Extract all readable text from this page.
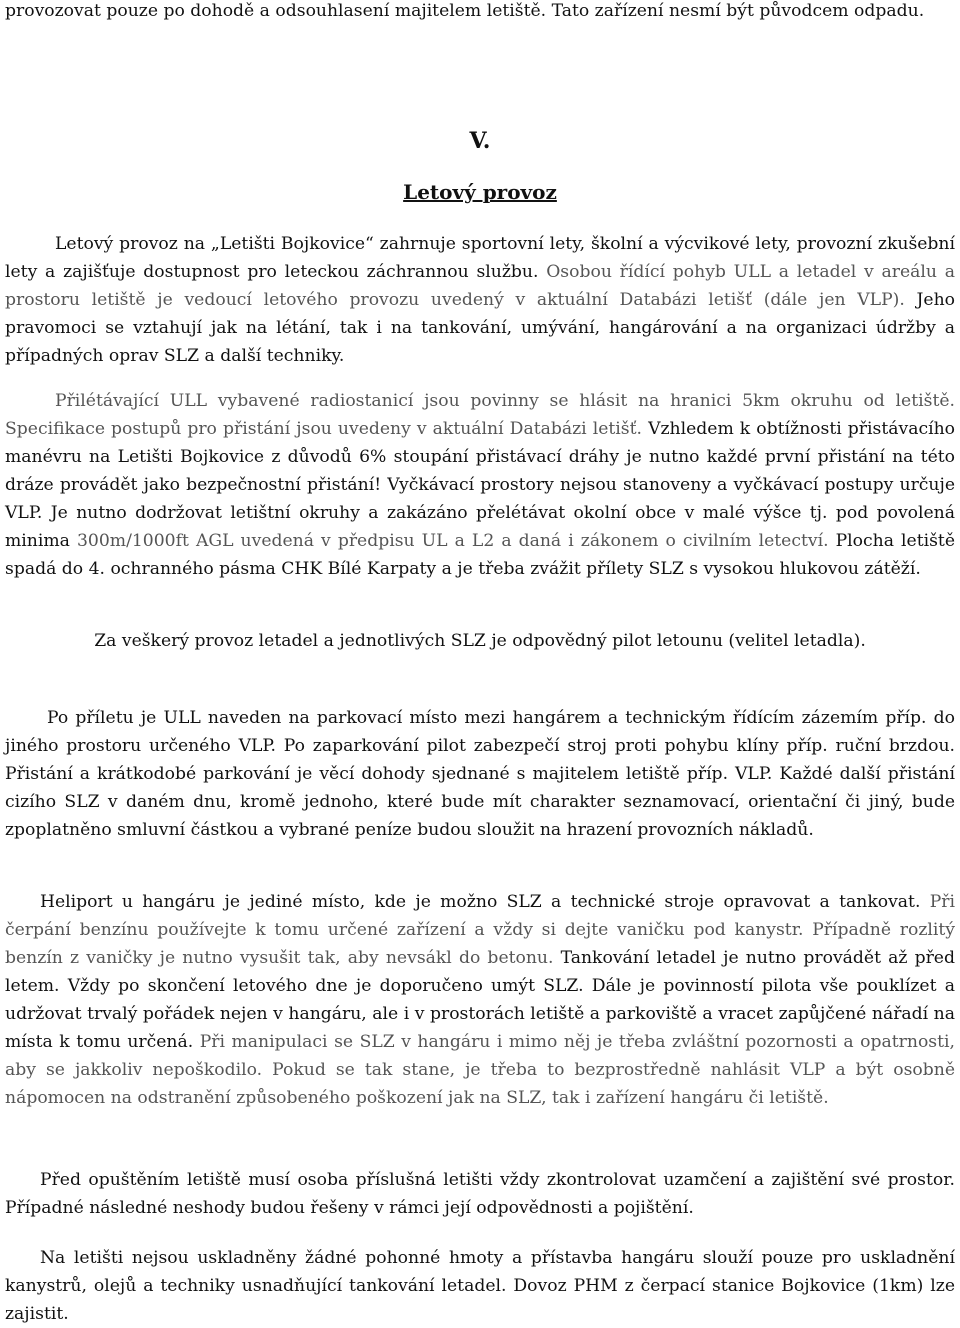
provozovat pouze po dohodě a odsouhlasení majitelem letiště. Tato zařízení nesmí být původcem odpadu.

V.
Letový provoz

Letový provoz na „Letišti Bojkovice“ zahrnuje sportovní lety, školní a výcvikové lety, provozní zkušební lety a zajišťuje dostupnost pro leteckou záchrannou službu. Osobou řídící pohyb ULL a letadel v areálu a prostoru letiště je vedoucí letového provozu uvedený v aktuální Databázi letišť (dále jen VLP). Jeho pravomoci se vztahují jak na létání, tak i na tankování, umývání, hangárování a na organizaci údržby a případných oprav SLZ a další techniky.

Přilétávající ULL vybavené radiostanicí jsou povinny se hlásit na hranici 5km okruhu od letiště. Specifikace postupů pro přistání jsou uvedeny v aktuální Databázi letišť. Vzhledem k obtížnosti přistávacího manévru na Letišti Bojkovice z důvodů 6% stoupání přistávací dráhy je nutno každé první přistání na této dráze provádět jako bezpečnostní přistání! Vyčkávací prostory nejsou stanoveny a vyčkávací postupy určuje VLP. Je nutno dodržovat letištní okruhy a zakázáno přelétávat okolní obce v malé výšce tj. pod povolená minima 300m/1000ft AGL uvedená v předpisu UL a L2 a daná i zákonem o civilním letectví. Plocha letiště spadá do 4. ochranného pásma CHK Bílé Karpaty a je třeba zvážit přílety SLZ s vysokou hlukovou zátěží.

Za veškerý provoz letadel a jednotlivých SLZ je odpovědný pilot letounu (velitel letadla).

Po příletu je ULL naveden na parkovací místo mezi hangárem a technickým řídícím zázemím příp. do jiného prostoru určeného VLP. Po zaparkování pilot zabezpečí stroj proti pohybu klíny příp. ruční brzdou. Přistání a krátkodobé parkování je věcí dohody sjednané s majitelem letiště příp. VLP. Každé další přistání cizího SLZ v daném dnu, kromě jednoho, které bude mít charakter seznamovací, orientační či jiný, bude zpoplatněno smluvní částkou a vybrané peníze budou sloužit na hrazení provozních nákladů.

Heliport u hangáru je jediné místo, kde je možno SLZ a technické stroje opravovat a tankovat. Při čerpání benzínu používejte k tomu určené zařízení a vždy si dejte vaničku pod kanystr. Případně rozlitý benzín z vaničky je nutno vysušit tak, aby nevsákl do betonu. Tankování letadel je nutno provádět až před letem. Vždy po skončení letového dne je doporučeno umýt SLZ. Dále je povinností pilota vše pouklízet a udržovat trvalý pořádek nejen v hangáru, ale i v prostorách letiště a parkoviště a vracet zapůjčené nářadí na místa k tomu určená. Při manipulaci se SLZ v hangáru i mimo něj je třeba zvláštní pozornosti a opatrnosti, aby se jakkoliv nepoškodilo. Pokud se tak stane, je třeba to bezprostředně nahlásit VLP a být osobně nápomocen na odstranění způsobeného poškození jak na SLZ, tak i zařízení hangáru či letiště.

Před opuštěním letiště musí osoba příslušná letišti vždy zkontrolovat uzamčení a zajištění své prostor. Případné následné neshody budou řešeny v rámci její odpovědnosti a pojištění.

Na letišti nejsou uskladněny žádné pohonné hmoty a přístavba hangáru slouží pouze pro uskladnění kanystrů, olejů a techniky usnadňující tankování letadel. Dovoz PHM z čerpací stanice Bojkovice (1km) lze zajistit.
